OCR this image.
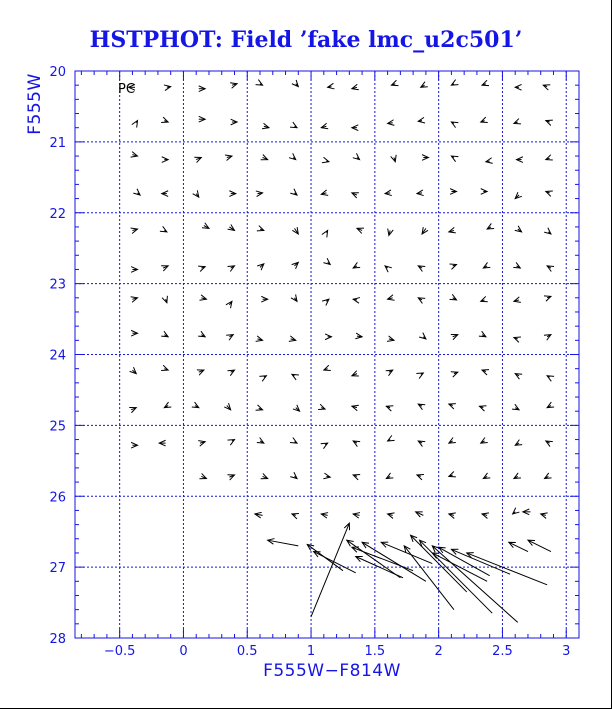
HSTPHOT: Field ’fake lmc_u2c501’
−0.5	0	0.5	1	1.5	2	2.5	3
20
21
22
23
24
25
26
27
28
PC
F555W−F814W
F555W
